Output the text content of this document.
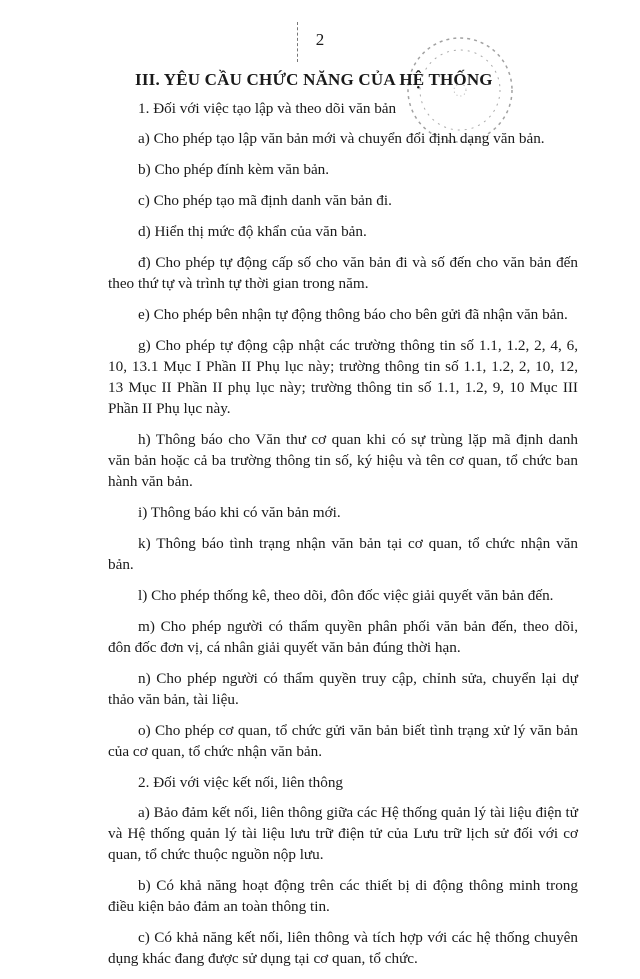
2
III. YÊU CẦU CHỨC NĂNG CỦA HỆ THỐNG

1. Đối với việc tạo lập và theo dõi văn bản

a) Cho phép tạo lập văn bản mới và chuyển đổi định dạng văn bản.

b) Cho phép đính kèm văn bản.

c) Cho phép tạo mã định danh văn bản đi.

d) Hiển thị mức độ khẩn của văn bản.

đ) Cho phép tự động cấp số cho văn bản đi và số đến cho văn bản đến theo thứ tự và trình tự thời gian trong năm.

e) Cho phép bên nhận tự động thông báo cho bên gửi đã nhận văn bản.

g) Cho phép tự động cập nhật các trường thông tin số 1.1, 1.2, 2, 4, 6, 10, 13.1 Mục I Phần II Phụ lục này; trường thông tin số 1.1, 1.2, 2, 10, 12, 13 Mục II Phần II phụ lục này; trường thông tin số 1.1, 1.2, 9, 10 Mục III Phần II Phụ lục này.

h) Thông báo cho Văn thư cơ quan khi có sự trùng lặp mã định danh văn bản hoặc cả ba trường thông tin số, ký hiệu và tên cơ quan, tổ chức ban hành văn bản.

i) Thông báo khi có văn bản mới.

k) Thông báo tình trạng nhận văn bản tại cơ quan, tổ chức nhận văn bản.

l) Cho phép thống kê, theo dõi, đôn đốc việc giải quyết văn bản đến.

m) Cho phép người có thẩm quyền phân phối văn bản đến, theo dõi, đôn đốc đơn vị, cá nhân giải quyết văn bản đúng thời hạn.

n) Cho phép người có thẩm quyền truy cập, chỉnh sửa, chuyển lại dự thảo văn bản, tài liệu.

o) Cho phép cơ quan, tổ chức gửi văn bản biết tình trạng xử lý văn bản của cơ quan, tổ chức nhận văn bản.

2. Đối với việc kết nối, liên thông

a) Bảo đảm kết nối, liên thông giữa các Hệ thống quản lý tài liệu điện tử và Hệ thống quản lý tài liệu lưu trữ điện tử của Lưu trữ lịch sử đối với cơ quan, tổ chức thuộc nguồn nộp lưu.

b) Có khả năng hoạt động trên các thiết bị di động thông minh trong điều kiện bảo đảm an toàn thông tin.

c) Có khả năng kết nối, liên thông và tích hợp với các hệ thống chuyên dụng khác đang được sử dụng tại cơ quan, tổ chức.
